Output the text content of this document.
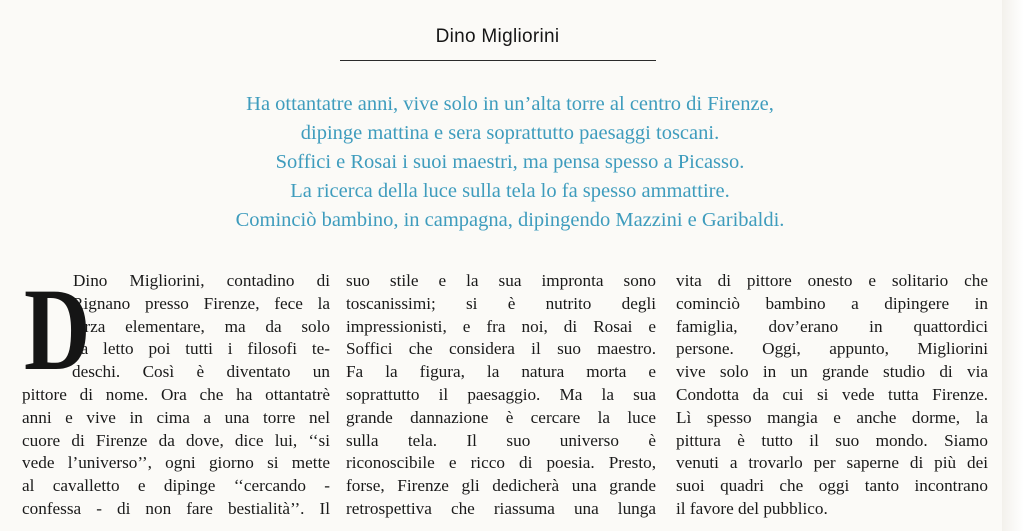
Dino Migliorini
Ha ottantatre anni, vive solo in un’alta torre al centro di Firenze,
dipinge mattina e sera soprattutto paesaggi toscani.
Soffici e Rosai i suoi maestri, ma pensa spesso a Picasso.
La ricerca della luce sulla tela lo fa spesso ammattire.
Cominciò bambino, in campagna, dipingendo Mazzini e Garibaldi.
D
Dino Migliorini, contadino di
Rignano presso Firenze, fece la
terza elementare, ma da solo
ha letto poi tutti i filosofi te-
deschi. Così è diventato un
pittore di nome. Ora che ha ottantatrè
anni e vive in cima a una torre nel
cuore di Firenze da dove, dice lui, ‘‘si
vede l’universo’’, ogni giorno si mette
al cavalletto e dipinge ‘‘cercando -
confessa - di non fare bestialità’’. Il
suo stile e la sua impronta sono
toscanissimi; si è nutrito degli
impressionisti, e fra noi, di Rosai e
Soffici che considera il suo maestro.
Fa la figura, la natura morta e
soprattutto il paesaggio. Ma la sua
grande dannazione è cercare la luce
sulla tela. Il suo universo è
riconoscibile e ricco di poesia. Presto,
forse, Firenze gli dedicherà una grande
retrospettiva che riassuma una lunga
vita di pittore onesto e solitario che
cominciò bambino a dipingere in
famiglia, dov’erano in quattordici
persone. Oggi, appunto, Migliorini
vive solo in un grande studio di via
Condotta da cui si vede tutta Firenze.
Lì spesso mangia e anche dorme, la
pittura è tutto il suo mondo. Siamo
venuti a trovarlo per saperne di più dei
suoi quadri che oggi tanto incontrano
il favore del pubblico.
